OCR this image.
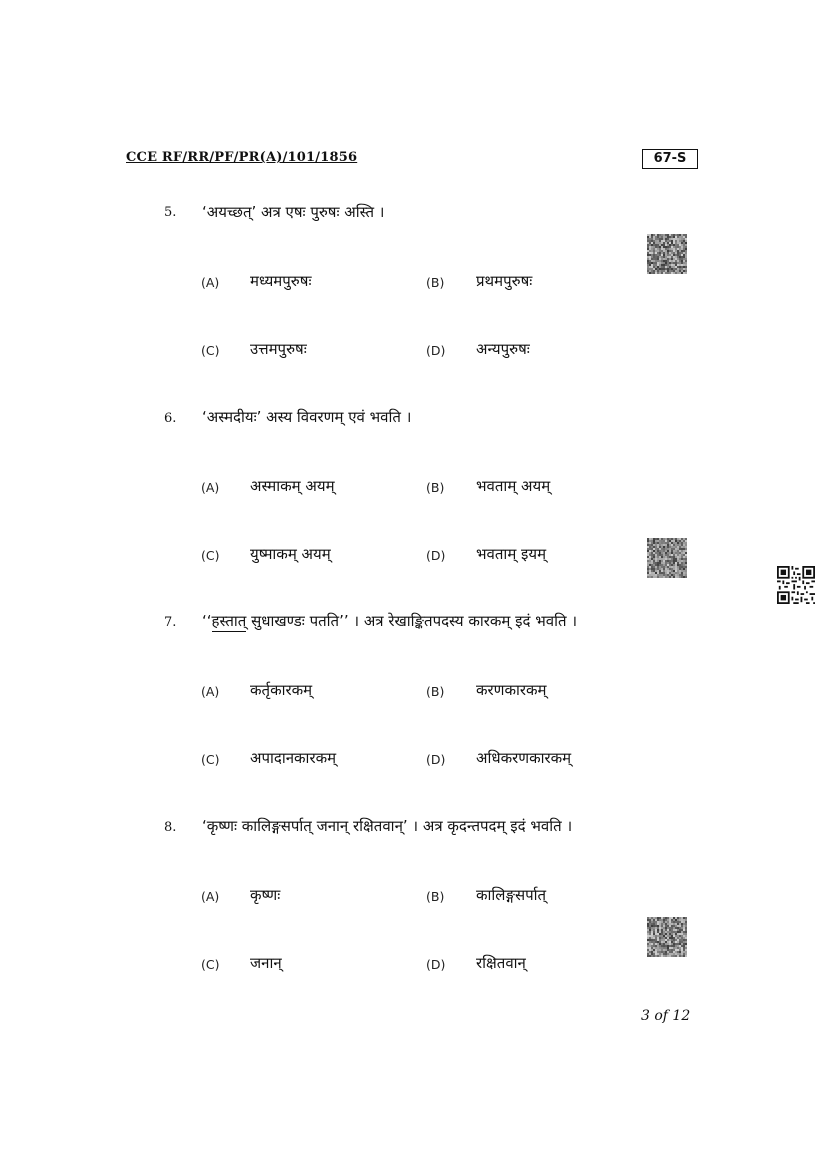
CCE RF/RR/PF/PR(A)/101/1856	67-S
5. ‘अयच्छत्’ अत्र एषः पुरुषः अस्ति ।
(A) मध्यमपुरुषः	(B) प्रथमपुरुषः
(C) उत्तमपुरुषः	(D) अन्यपुरुषः
6. ‘अस्मदीयः’ अस्य विवरणम् एवं भवति ।
(A) अस्माकम् अयम्	(B) भवताम् अयम्
(C) युष्माकम् अयम्	(D) भवताम् इयम्
7. ‘‘हस्तात् सुधाखण्डः पतति’’ । अत्र रेखाङ्कितपदस्य कारकम् इदं भवति ।
(A) कर्तृकारकम्	(B) करणकारकम्
(C) अपादानकारकम्	(D) अधिकरणकारकम्
8. ‘कृष्णः कालिङ्गसर्पात् जनान् रक्षितवान्’ । अत्र कृदन्तपदम् इदं भवति ।
(A) कृष्णः	(B) कालिङ्गसर्पात्
(C) जनान्	(D) रक्षितवान्
3 of 12
